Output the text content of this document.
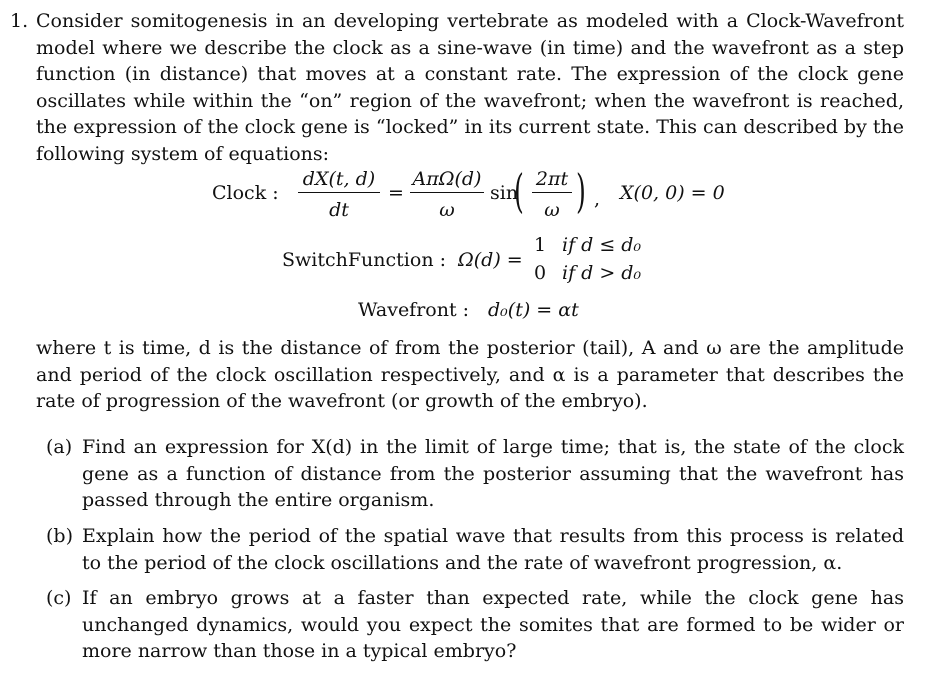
1. Consider somitogenesis in an developing vertebrate as modeled with a Clock-Wavefront model where we describe the clock as a sine-wave (in time) and the wavefront as a step function (in distance) that moves at a constant rate. The expression of the clock gene oscillates while within the “on” region of the wavefront; when the wavefront is reached, the expression of the clock gene is “locked” in its current state. This can described by the following system of equations:
Clock :
dX(t, d)
dt
=
AπΩ(d)
ω
sin
( 2πt
ω ) , X(0, 0) = 0
SwitchFunction : Ω(d) =
1 if d ≤ d₀
0 if d > d₀
Wavefront : d₀(t) = αt
where t is time, d is the distance of from the posterior (tail), A and ω are the amplitude and period of the clock oscillation respectively, and α is a parameter that describes the rate of progression of the wavefront (or growth of the embryo).
(a) Find an expression for X(d) in the limit of large time; that is, the state of the clock gene as a function of distance from the posterior assuming that the wavefront has passed through the entire organism.
(b) Explain how the period of the spatial wave that results from this process is related to the period of the clock oscillations and the rate of wavefront progression, α.
(c) If an embryo grows at a faster than expected rate, while the clock gene has unchanged dynamics, would you expect the somites that are formed to be wider or more narrow than those in a typical embryo?
